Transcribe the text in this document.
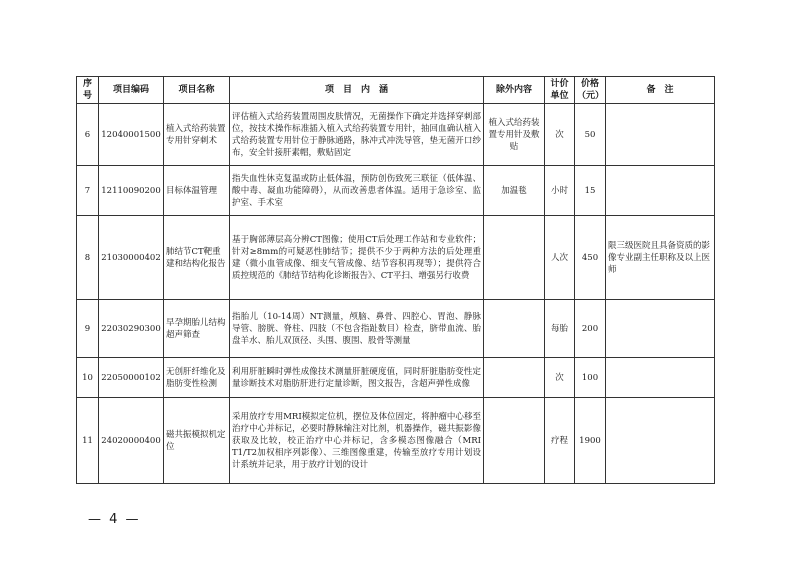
序号	项目编码	项目名称	项　目　内　涵	除外内容	计价单位	价格（元）	备　注
6	120400015​00	植入式给药装置专用针穿刺术	评估植入式给药装置周围皮肤情况，无菌操作下确定并选择穿刺部位，按技术操作标准插入植入式给药装置专用针，抽回血确认植入式给药装置专用针位于静脉通路，脉冲式冲洗导管，垫无菌开口纱布，安全针接肝素帽，敷贴固定	植入式给药装置专用针及敷贴	次	50	
7	12110090200	目标体温管理	指失血性休克复温或防止低体温，预防创伤致死三联征（低体温、酸中毒、凝血功能障碍），从而改善患者体温。适用于急诊室、监护室、手术室	加温毯	小时	15	
8	21030000402	肺结节CT靶重建和结构化报告	基于胸部薄层高分辨CT图像；使用CT后处理工作站和专业软件；针对≥8mm的可疑恶性肺结节；提供不少于两种方法的后处理重建（微小血管成像、细支气管成像、结节容积再现等）；提供符合质控规范的《肺结节结构化诊断报告》、CT平扫、增强另行收费		人次	450	限三级医院且具备资质的影像专业副主任职称及以上医师
9	22030290300	早孕期胎儿结构超声筛查	指胎儿（10-14周）NT测量，颅脑、鼻骨、四腔心、胃泡、静脉导管、膀胱、脊柱、四肢（不包含指趾数目）检查，脐带血流、胎盘羊水、胎儿双顶径、头围、腹围、股骨等测量		每胎	200	
10	22050000102	无创肝纤维化及脂肪变性检测	利用肝脏瞬时弹性成像技术测量肝脏硬度值，同时肝脏脂肪变性定量诊断技术对脂肪肝进行定量诊断，图文报告，含超声弹性成像		次	100	
11	24020000400	磁共振模拟机定位	采用放疗专用MRI模拟定位机，摆位及体位固定，将肿瘤中心移至治疗中心并标记，必要时静脉输注对比剂，机器操作，磁共振影像获取及比较，校正治疗中心并标记，含多模态图像融合（MRI T1/T2加权相序列影像）、三维图像重建，传输至放疗专用计划设计系统并记录，用于放疗计划的设计		疗程	1900	
— 4 —
